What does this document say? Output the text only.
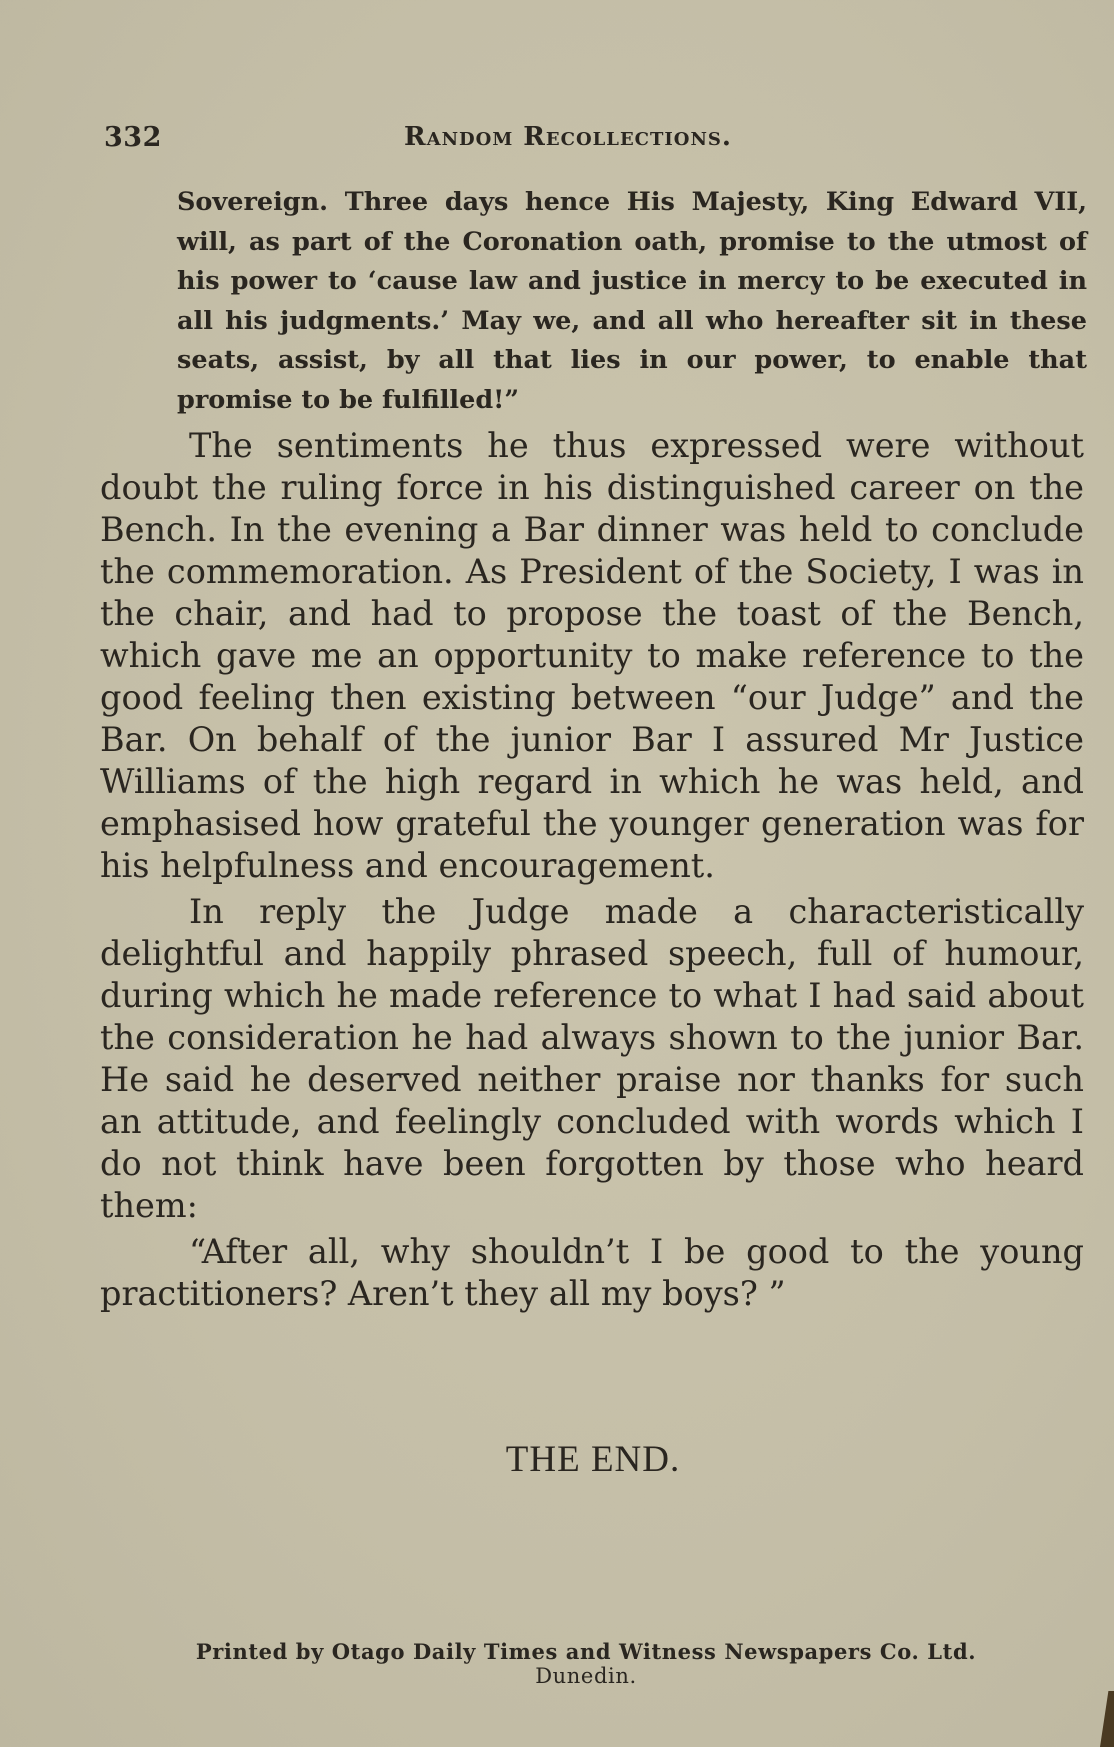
332	Random Recollections.
Sovereign. Three days hence His Majesty, King Edward VII, will, as part of the Coronation oath, promise to the utmost of his power to ‘cause law and justice in mercy to be executed in all his judgments.’ May we, and all who hereafter sit in these seats, assist, by all that lies in our power, to enable that promise to be fulfilled!”

The sentiments he thus expressed were without doubt the ruling force in his distinguished career on the Bench. In the evening a Bar dinner was held to conclude the commemoration. As President of the Society, I was in the chair, and had to propose the toast of the Bench, which gave me an opportunity to make reference to the good feeling then existing between “our Judge” and the Bar. On behalf of the junior Bar I assured Mr Justice Williams of the high regard in which he was held, and emphasised how grateful the younger generation was for his helpfulness and encouragement.

In reply the Judge made a characteristically delightful and happily phrased speech, full of humour, during which he made reference to what I had said about the consideration he had always shown to the junior Bar. He said he deserved neither praise nor thanks for such an attitude, and feelingly concluded with words which I do not think have been forgotten by those who heard them:

“After all, why shouldn’t I be good to the young practitioners? Aren’t they all my boys? ”

THE END.
Printed by Otago Daily Times and Witness Newspapers Co. Ltd.
Dunedin.
